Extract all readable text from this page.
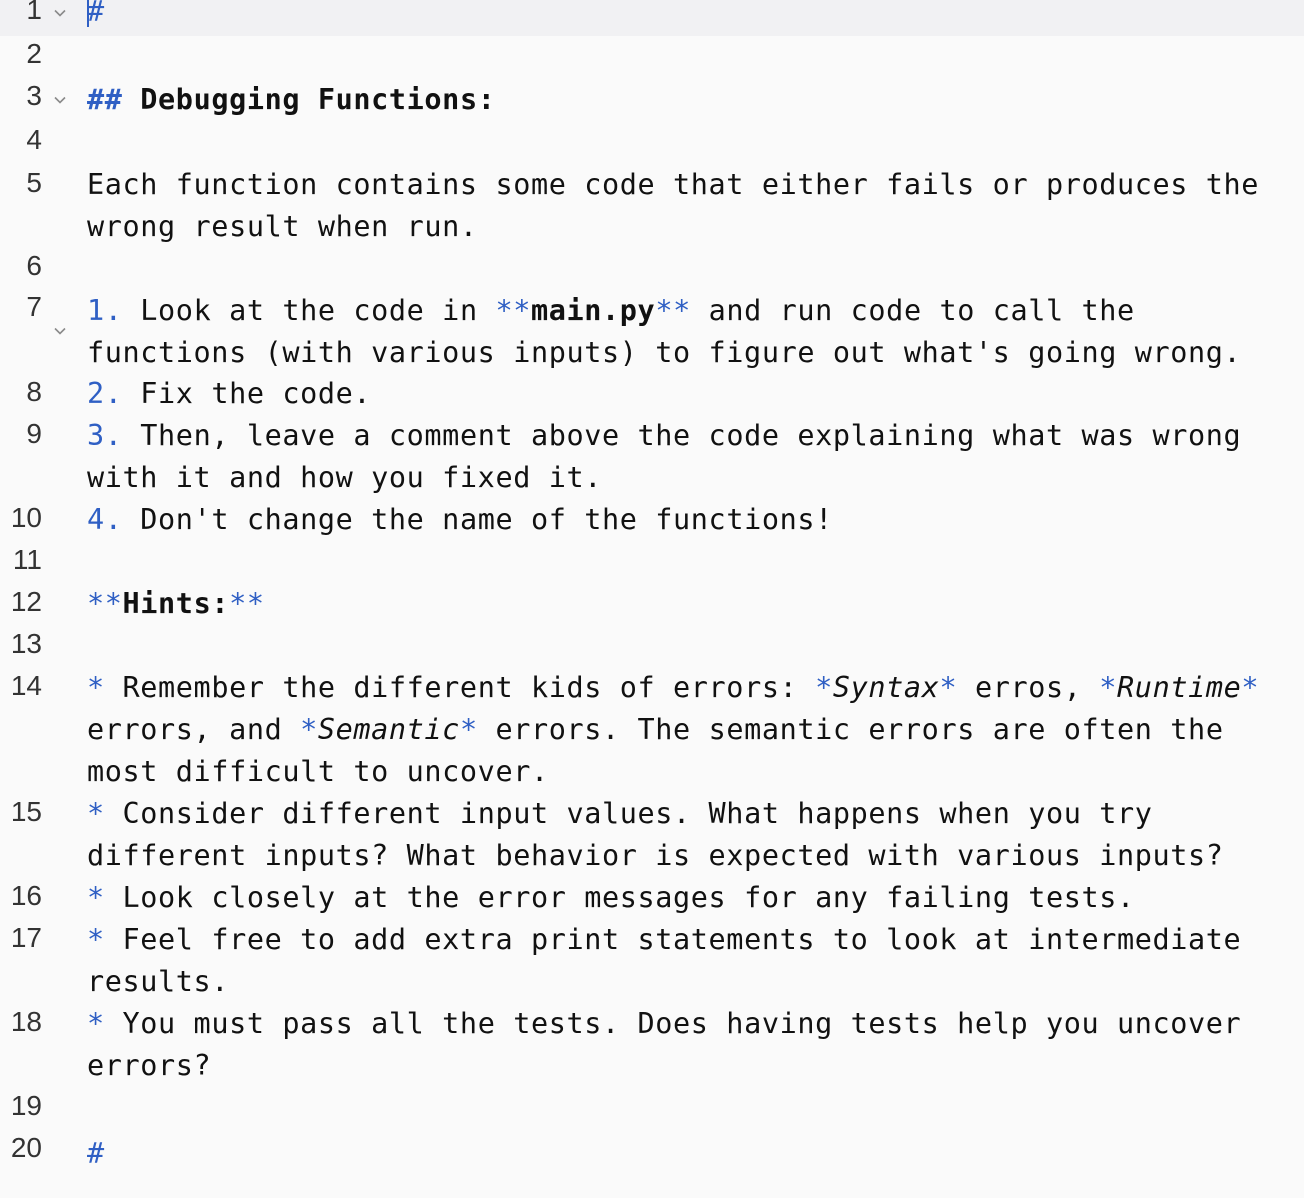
1 #
2
3 ## Debugging Functions:
4
5 Each function contains some code that either fails or produces the wrong result when run.
6
7 1. Look at the code in **main.py** and run code to call the functions (with various inputs) to figure out what's going wrong.
8 2. Fix the code.
9 3. Then, leave a comment above the code explaining what was wrong with it and how you fixed it.
10 4. Don't change the name of the functions!
11
12 **Hints:**
13
14 * Remember the different kids of errors: *Syntax* erros, *Runtime* errors, and *Semantic* errors. The semantic errors are often the most difficult to uncover.
15 * Consider different input values. What happens when you try different inputs? What behavior is expected with various inputs?
16 * Look closely at the error messages for any failing tests.
17 * Feel free to add extra print statements to look at intermediate results.
18 * You must pass all the tests. Does having tests help you uncover errors?
19
20 #
